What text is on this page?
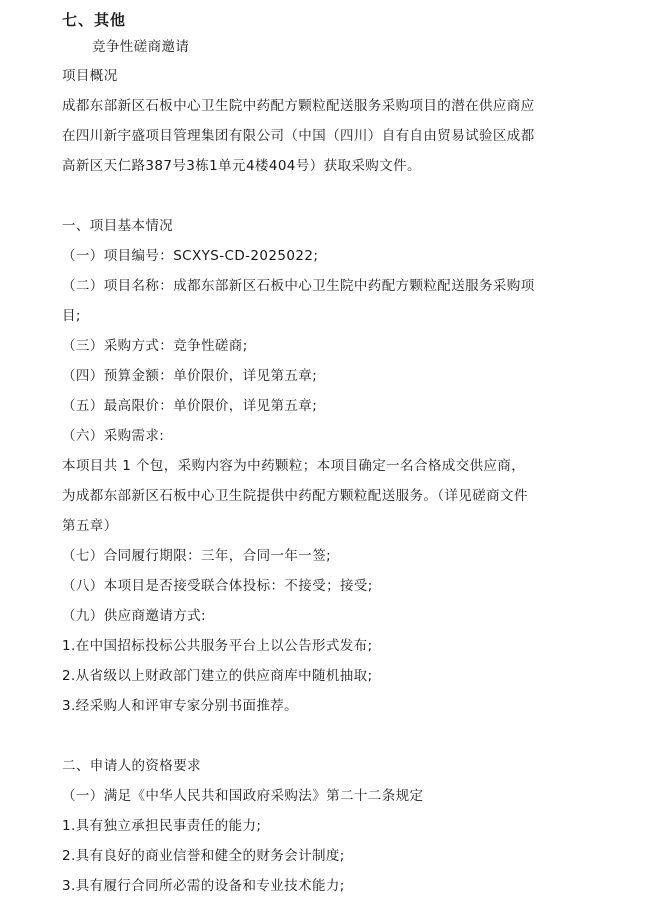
七、其他
竞争性磋商邀请
项目概况
成都东部新区石板中心卫生院中药配方颗粒配送服务采购项目的潜在供应商应
在四川新宇盛项目管理集团有限公司（中国（四川）自有自由贸易试验区成都
高新区天仁路387号3栋1单元4楼404号）获取采购文件。
一、项目基本情况
（一）项目编号：SCXYS-CD-2025022;
（二）项目名称：成都东部新区石板中心卫生院中药配方颗粒配送服务采购项
目;
（三）采购方式：竞争性磋商;
（四）预算金额：单价限价，详见第五章;
（五）最高限价：单价限价，详见第五章;
（六）采购需求:
本项目共 1 个包，采购内容为中药颗粒；本项目确定一名合格成交供应商，
为成都东部新区石板中心卫生院提供中药配方颗粒配送服务。（详见磋商文件
第五章）
（七）合同履行期限：三年，合同一年一签;
（八）本项目是否接受联合体投标：不接受；接受;
（九）供应商邀请方式:
1.在中国招标投标公共服务平台上以公告形式发布;
2.从省级以上财政部门建立的供应商库中随机抽取;
3.经采购人和评审专家分别书面推荐。
二、申请人的资格要求
（一）满足《中华人民共和国政府采购法》第二十二条规定
1.具有独立承担民事责任的能力;
2.具有良好的商业信誉和健全的财务会计制度;
3.具有履行合同所必需的设备和专业技术能力;
